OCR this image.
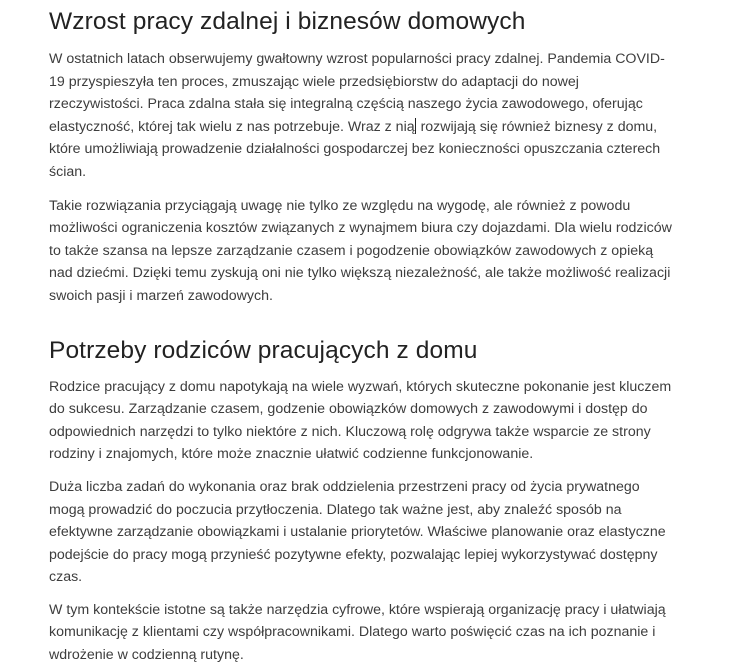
Wzrost pracy zdalnej i biznesów domowych

W ostatnich latach obserwujemy gwałtowny wzrost popularności pracy zdalnej. Pandemia COVID-19 przyspieszyła ten proces, zmuszając wiele przedsiębiorstw do adaptacji do nowej rzeczywistości. Praca zdalna stała się integralną częścią naszego życia zawodowego, oferując elastyczność, której tak wielu z nas potrzebuje. Wraz z nią rozwijają się również biznesy z domu, które umożliwiają prowadzenie działalności gospodarczej bez konieczności opuszczania czterech ścian.

Takie rozwiązania przyciągają uwagę nie tylko ze względu na wygodę, ale również z powodu możliwości ograniczenia kosztów związanych z wynajmem biura czy dojazdami. Dla wielu rodziców to także szansa na lepsze zarządzanie czasem i pogodzenie obowiązków zawodowych z opieką nad dziećmi. Dzięki temu zyskują oni nie tylko większą niezależność, ale także możliwość realizacji swoich pasji i marzeń zawodowych.

Potrzeby rodziców pracujących z domu

Rodzice pracujący z domu napotykają na wiele wyzwań, których skuteczne pokonanie jest kluczem do sukcesu. Zarządzanie czasem, godzenie obowiązków domowych z zawodowymi i dostęp do odpowiednich narzędzi to tylko niektóre z nich. Kluczową rolę odgrywa także wsparcie ze strony rodziny i znajomych, które może znacznie ułatwić codzienne funkcjonowanie.

Duża liczba zadań do wykonania oraz brak oddzielenia przestrzeni pracy od życia prywatnego mogą prowadzić do poczucia przytłoczenia. Dlatego tak ważne jest, aby znaleźć sposób na efektywne zarządzanie obowiązkami i ustalanie priorytetów. Właściwe planowanie oraz elastyczne podejście do pracy mogą przynieść pozytywne efekty, pozwalając lepiej wykorzystywać dostępny czas.

W tym kontekście istotne są także narzędzia cyfrowe, które wspierają organizację pracy i ułatwiają komunikację z klientami czy współpracownikami. Dlatego warto poświęcić czas na ich poznanie i wdrożenie w codzienną rutynę.
